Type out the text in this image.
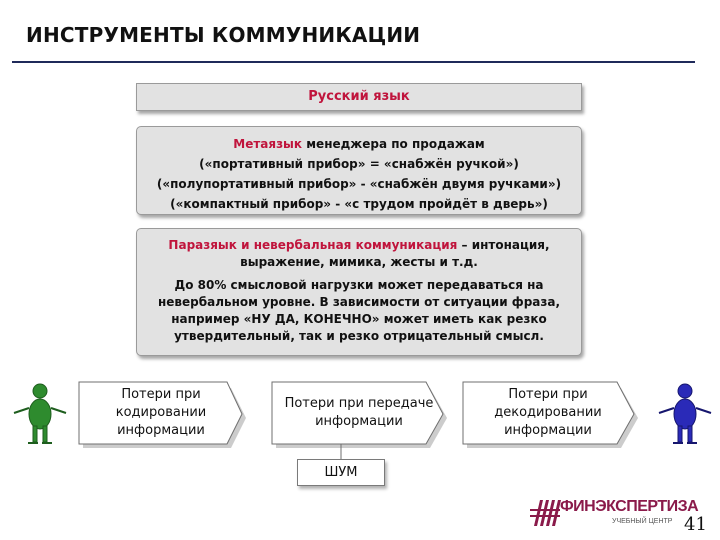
ИНСТРУМЕНТЫ КОММУНИКАЦИИ
Русский язык
Метаязык менеджера по продажам
(«портативный прибор» = «снабжён ручкой»)
(«полупортативный прибор» - «снабжён двумя ручками»)
(«компактный прибор» - «с трудом пройдёт в дверь»)
Паразяык и невербальная коммуникация – интонация, выражение, мимика, жесты и т.д.
До 80% смысловой нагрузки может передаваться на невербальном уровне. В зависимости от ситуации фраза, например «НУ ДА, КОНЕЧНО» может иметь как резко утвердительный, так и резко отрицательный смысл.
Потери при кодировании информации
Потери при передаче информации
Потери при декодировании информации
ШУМ
ФИНЭКСПЕРТИЗА
УЧЕБНЫЙ ЦЕНТР 41
